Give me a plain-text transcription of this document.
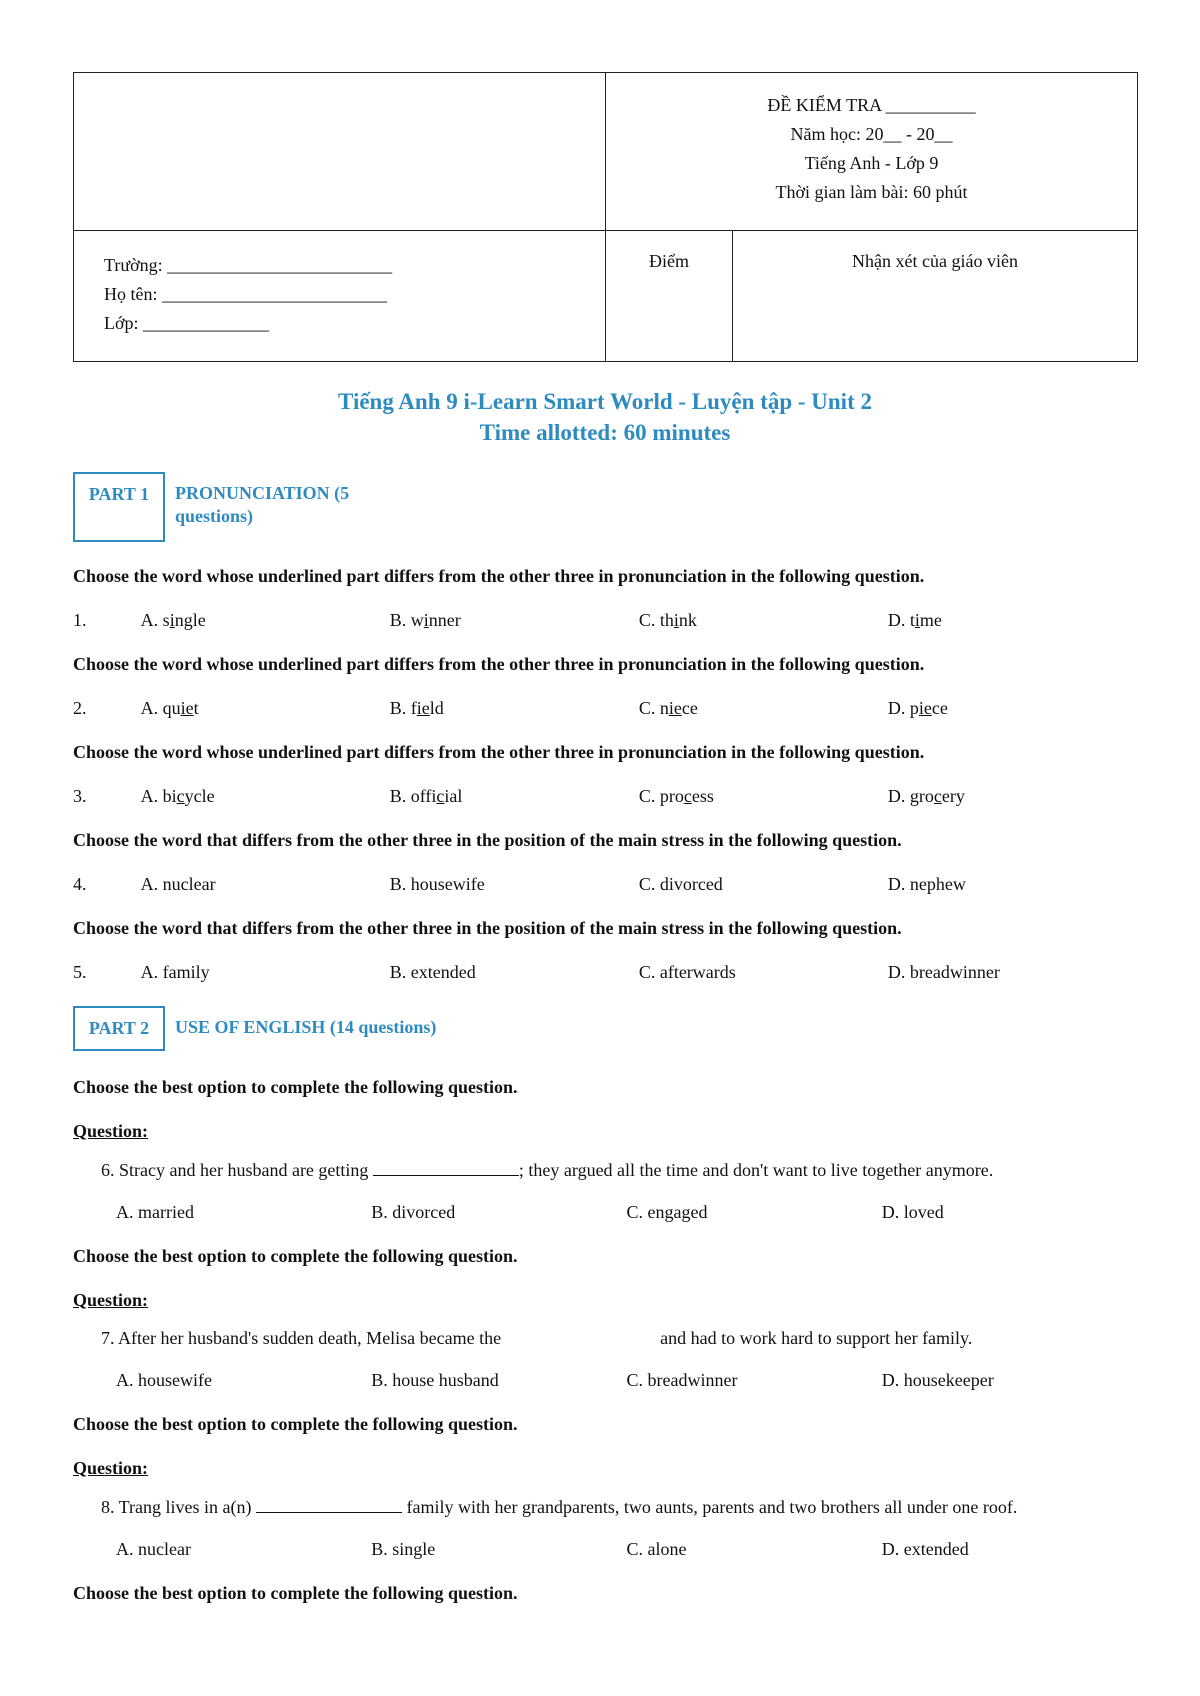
	ĐỀ KIỂM TRA __________
Năm học: 20__ - 20__
Tiếng Anh - Lớp 9
Thời gian làm bài: 60 phút	

Trường: _________________________
Họ tên: _________________________
Lớp: ______________	Điểm	Nhận xét của giáo viên
Tiếng Anh 9 i-Learn Smart World - Luyện tập - Unit 2
Time allotted: 60 minutes
PART 1	PRONUNCIATION (5 questions)
Choose the word whose underlined part differs from the other three in pronunciation in the following question.
1.	A. single	B. winner	C. think	D. time
Choose the word whose underlined part differs from the other three in pronunciation in the following question.
2.	A. quiet	B. field	C. niece	D. piece
Choose the word whose underlined part differs from the other three in pronunciation in the following question.
3.	A. bicycle	B. official	C. process	D. grocery
Choose the word that differs from the other three in the position of the main stress in the following question.
4.	A. nuclear	B. housewife	C. divorced	D. nephew
Choose the word that differs from the other three in the position of the main stress in the following question.
5.	A. family	B. extended	C. afterwards	D. breadwinner
PART 2	USE OF ENGLISH (14 questions)
Choose the best option to complete the following question.
Question:
6. Stracy and her husband are getting	; they argued all the time and don't want to live together anymore.
A. married	B. divorced	C. engaged	D. loved
Choose the best option to complete the following question.
Question:
7. After her husband's sudden death, Melisa became the	and had to work hard to support her family.
A. housewife	B. house husband	C. breadwinner	D. housekeeper
Choose the best option to complete the following question.
Question:
8. Trang lives in a(n)	family with her grandparents, two aunts, parents and two brothers all under one roof.
A. nuclear	B. single	C. alone	D. extended
Choose the best option to complete the following question.
